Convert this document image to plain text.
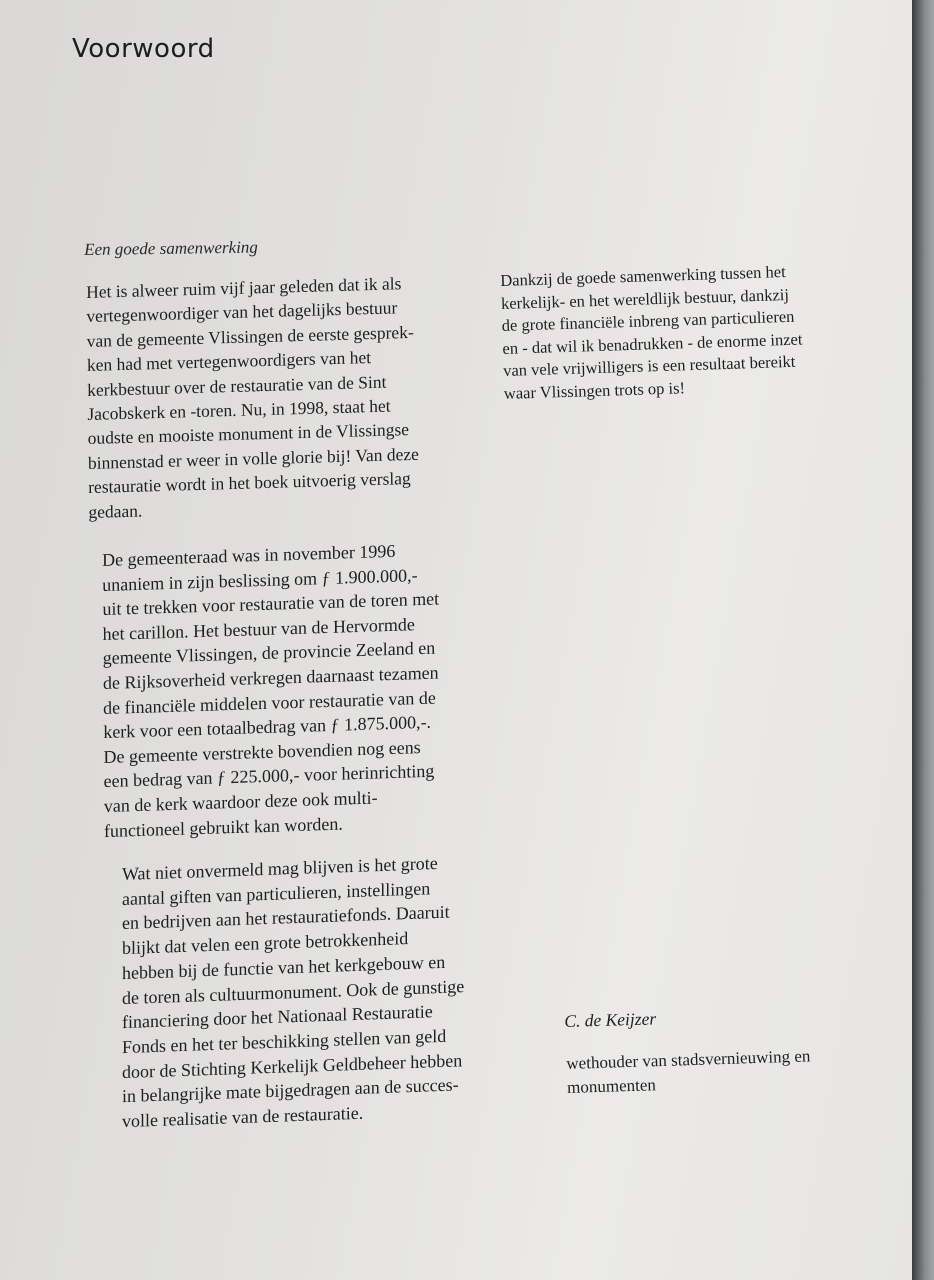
Voorwoord
Een goede samenwerking

Het is alweer ruim vijf jaar geleden dat ik als
vertegenwoordiger van het dagelijks bestuur
van de gemeente Vlissingen de eerste gesprek-
ken had met vertegenwoordigers van het
kerkbestuur over de restauratie van de Sint
Jacobskerk en -toren. Nu, in 1998, staat het
oudste en mooiste monument in de Vlissingse
binnenstad er weer in volle glorie bij! Van deze
restauratie wordt in het boek uitvoerig verslag
gedaan.

De gemeenteraad was in november 1996
unaniem in zijn beslissing om ƒ 1.900.000,-
uit te trekken voor restauratie van de toren met
het carillon. Het bestuur van de Hervormde
gemeente Vlissingen, de provincie Zeeland en
de Rijksoverheid verkregen daarnaast tezamen
de financiële middelen voor restauratie van de
kerk voor een totaalbedrag van ƒ 1.875.000,-.
De gemeente verstrekte bovendien nog eens
een bedrag van ƒ 225.000,- voor herinrichting
van de kerk waardoor deze ook multi-
functioneel gebruikt kan worden.

Wat niet onvermeld mag blijven is het grote
aantal giften van particulieren, instellingen
en bedrijven aan het restauratiefonds. Daaruit
blijkt dat velen een grote betrokkenheid
hebben bij de functie van het kerkgebouw en
de toren als cultuurmonument. Ook de gunstige
financiering door het Nationaal Restauratie
Fonds en het ter beschikking stellen van geld
door de Stichting Kerkelijk Geldbeheer hebben
in belangrijke mate bijgedragen aan de succes-
volle realisatie van de restauratie.

Dankzij de goede samenwerking tussen het
kerkelijk- en het wereldlijk bestuur, dankzij
de grote financiële inbreng van particulieren
en - dat wil ik benadrukken - de enorme inzet
van vele vrijwilligers is een resultaat bereikt
waar Vlissingen trots op is!

C. de Keijzer
wethouder van stadsvernieuwing en
monumenten
